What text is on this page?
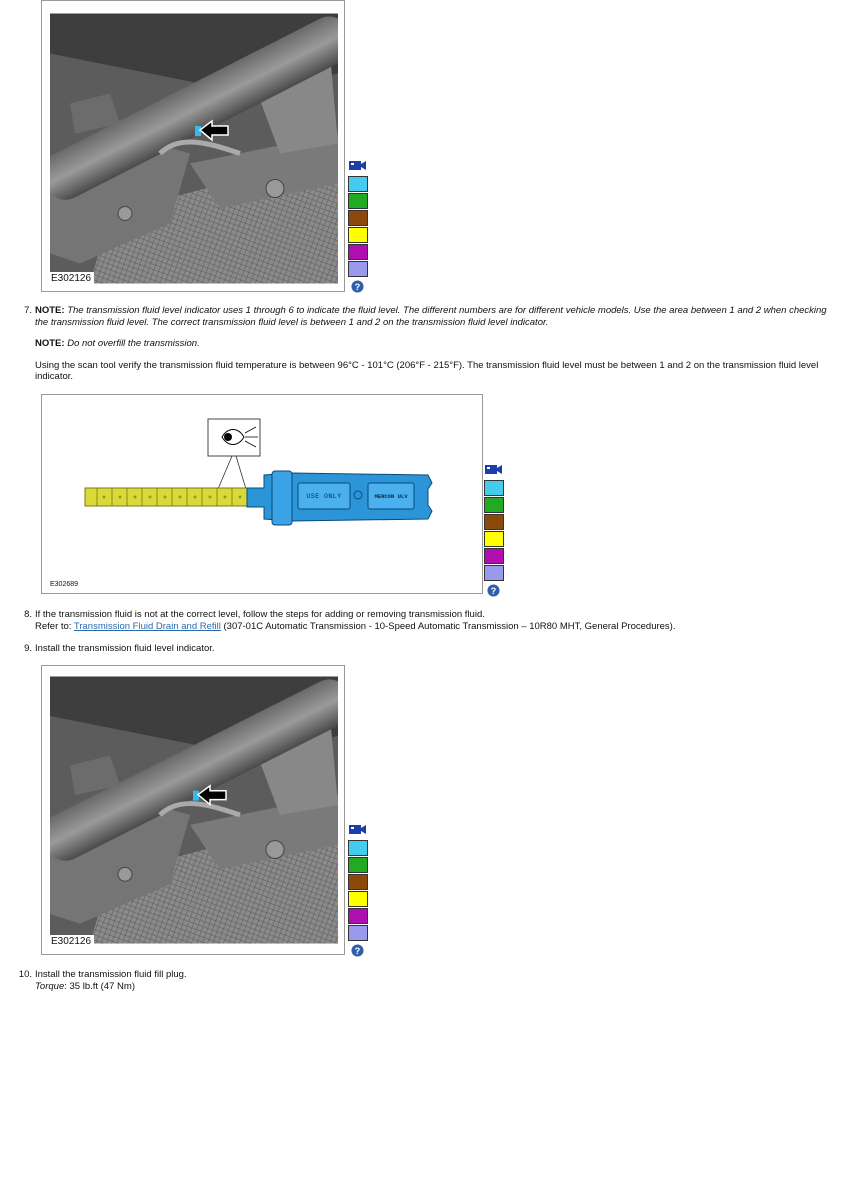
E302126
?
7. NOTE: The transmission fluid level indicator uses 1 through 6 to indicate the fluid level. The different numbers are for different vehicle models. Use the area between 1 and 2 when checking the transmission fluid level. The correct transmission fluid level is between 1 and 2 on the transmission fluid level indicator.

NOTE: Do not overfill the transmission.

Using the scan tool verify the transmission fluid temperature is between 96°C - 101°C (206°F - 215°F). The transmission fluid level must be between 1 and 2 on the transmission fluid level indicator.

USE ONLY	MERCON ULV
E302689
?
8. If the transmission fluid is not at the correct level, follow the steps for adding or removing transmission fluid.

Refer to: Transmission Fluid Drain and Refill (307-01C Automatic Transmission - 10-Speed Automatic Transmission – 10R80 MHT, General Procedures).

9. Install the transmission fluid level indicator.

E302126
?
10. Install the transmission fluid fill plug.

Torque: 35 lb.ft (47 Nm)
